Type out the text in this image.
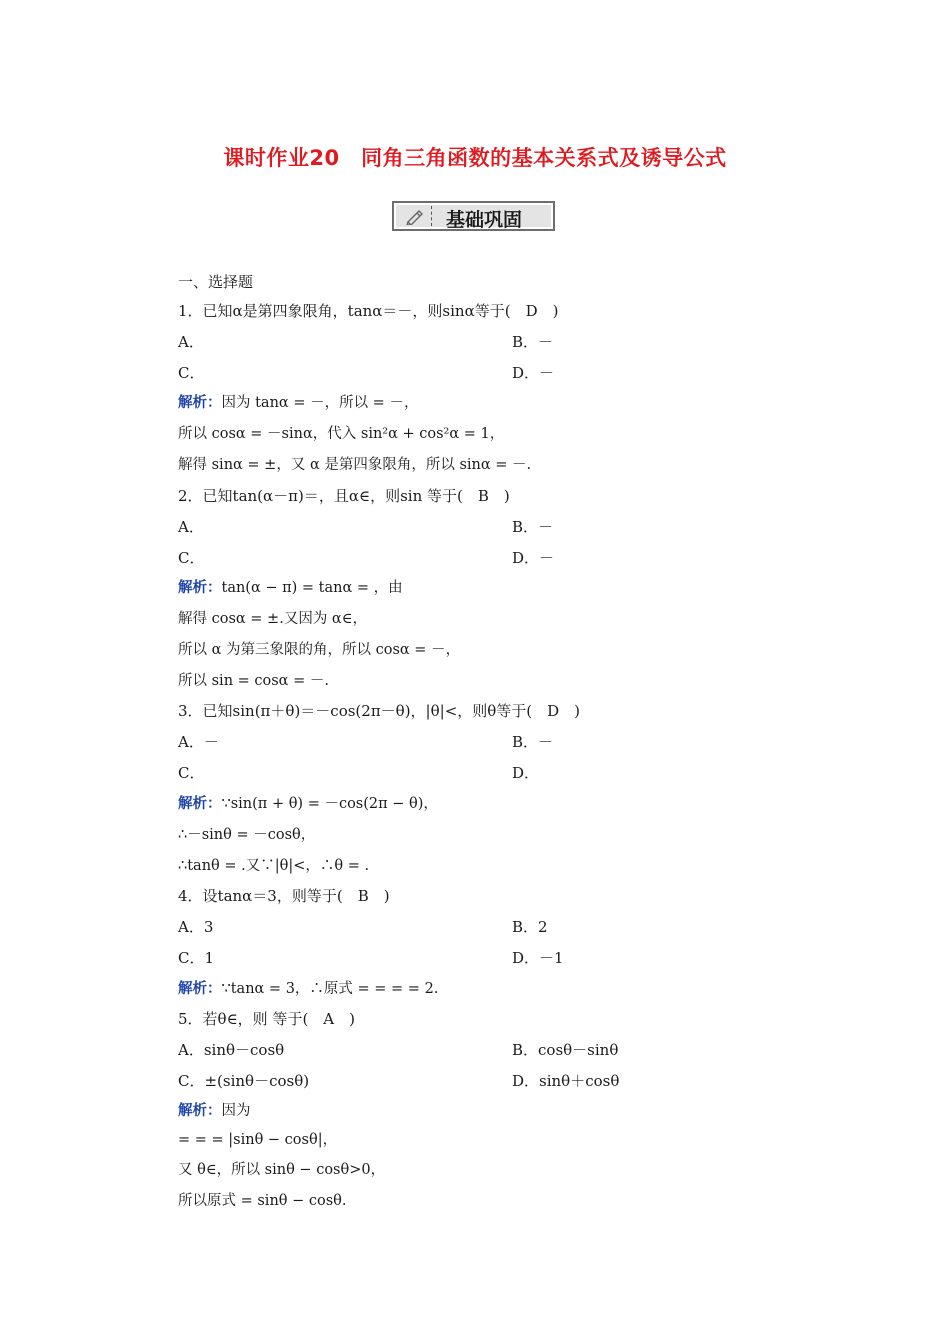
课时作业20　同角三角函数的基本关系式及诱导公式
基础巩固
一、选择题
1．已知α是第四象限角，tanα＝－，则sinα等于(　D　)
A．	B．－
C．	D．－
解析：因为 tanα = －，所以 = －，
所以 cosα = －sinα，代入 sin²α + cos²α = 1，
解得 sinα = ±，又 α 是第四象限角，所以 sinα = －.
2．已知tan(α－π)＝，且α∈，则sin 等于(　B　)
A．	B．－
C．	D．－
解析：tan(α − π) = tanα = ，由
解得 cosα = ±.又因为 α∈，
所以 α 为第三象限的角，所以 cosα = －，
所以 sin = cosα = －.
3．已知sin(π＋θ)＝－cos(2π－θ)，|θ|<，则θ等于(　D　)
A．－	B．－
C．	D．
解析：∵sin(π + θ) = －cos(2π − θ)，
∴－sinθ = －cosθ，
∴tanθ = .又∵|θ|<，∴θ = .
4．设tanα＝3，则等于(　B　)
A．3	B．2
C．1	D．－1
解析：∵tanα = 3，∴原式 = = = = 2.
5．若θ∈，则 等于(　A　)
A．sinθ－cosθ	B．cosθ－sinθ
C．±(sinθ－cosθ)	D．sinθ＋cosθ
解析：因为
= = = |sinθ − cosθ|，
又 θ∈，所以 sinθ − cosθ>0，
所以原式 = sinθ − cosθ.
